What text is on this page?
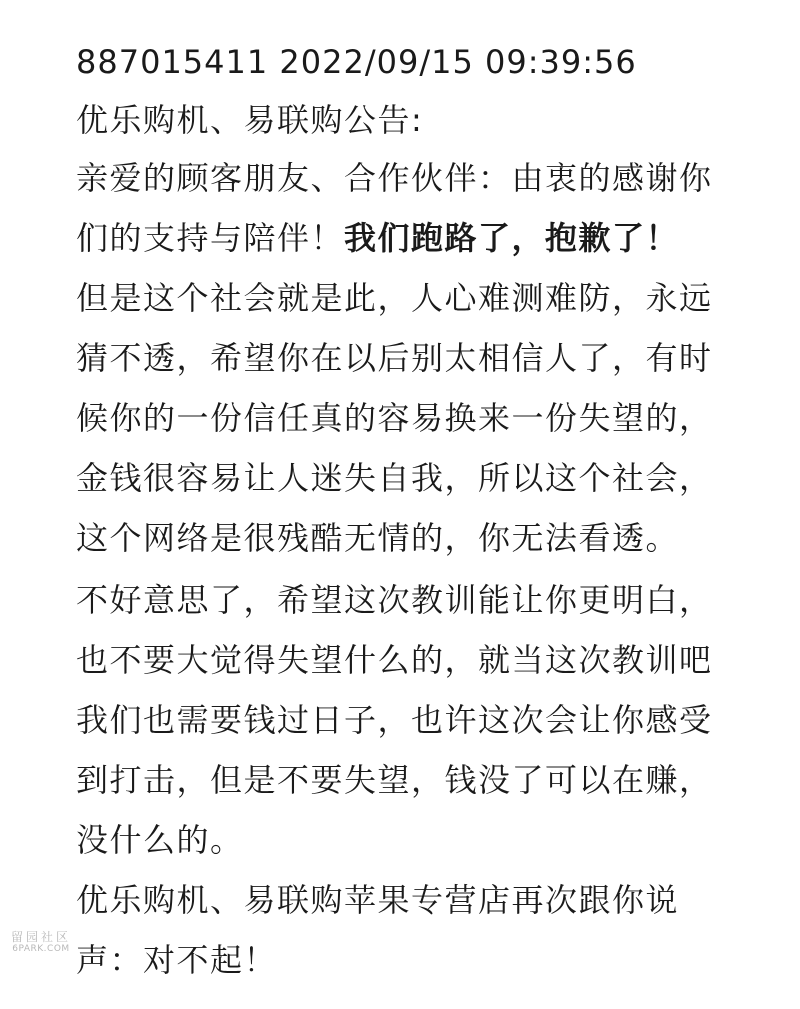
887015411 2022/09/15 09:39:56
优乐购机、易联购公告:
亲爱的顾客朋友、合作伙伴：由衷的感谢你
们的支持与陪伴！我们跑路了，抱歉了！
但是这个社会就是此，人心难测难防，永远
猜不透，希望你在以后别太相信人了，有时
候你的一份信任真的容易换来一份失望的，
金钱很容易让人迷失自我，所以这个社会，
这个网络是很残酷无情的，你无法看透。
不好意思了，希望这次教训能让你更明白，
也不要大觉得失望什么的，就当这次教训吧
我们也需要钱过日子，也许这次会让你感受
到打击，但是不要失望，钱没了可以在赚，
没什么的。
优乐购机、易联购苹果专营店再次跟你说
声：对不起！
留园社区
6PARK.COM
